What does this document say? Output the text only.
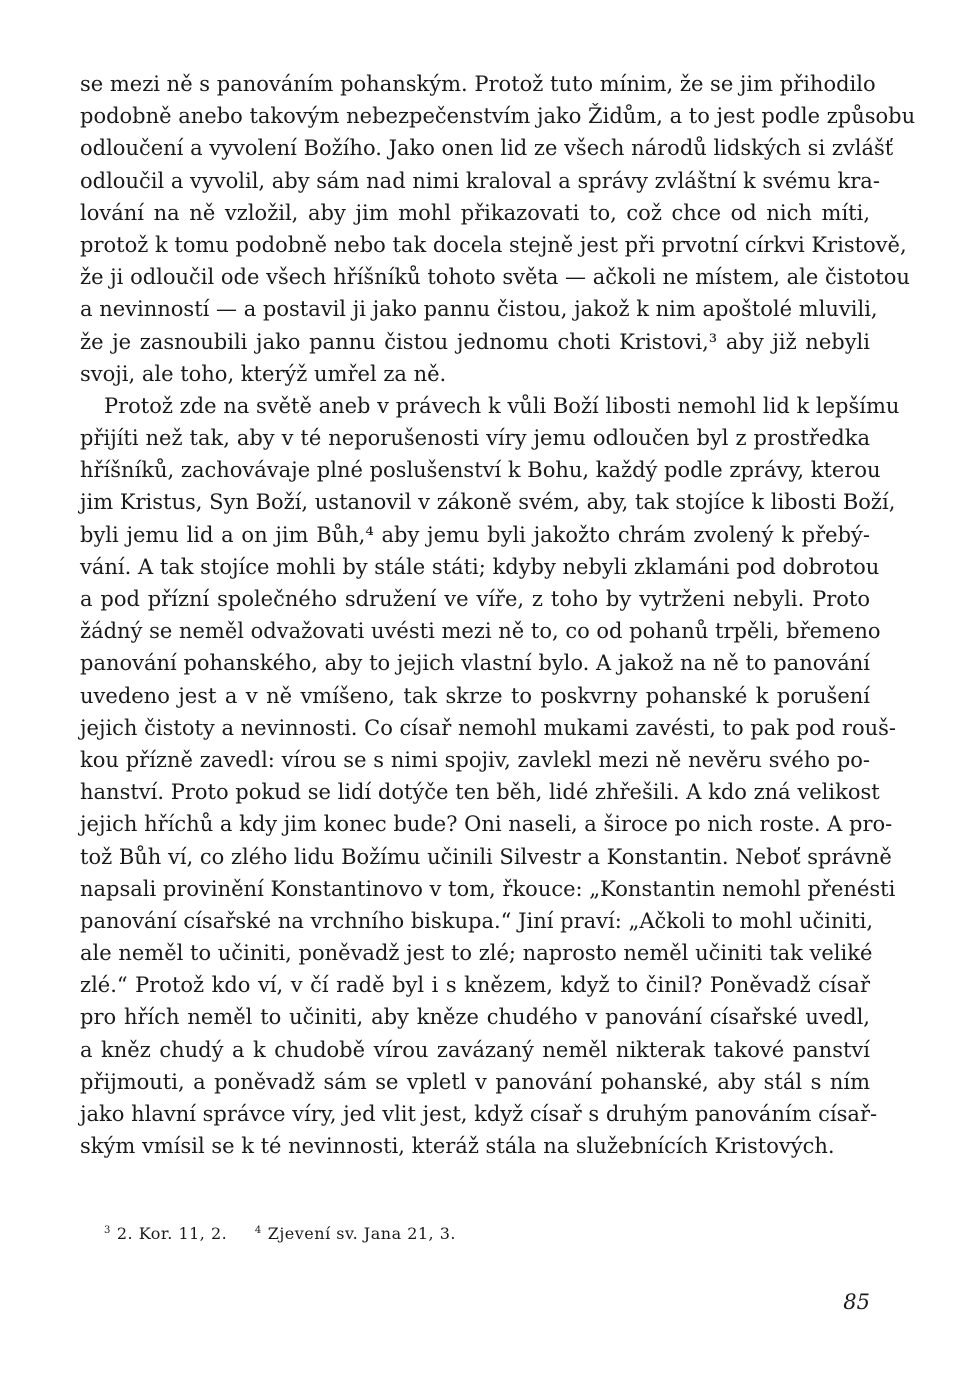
se mezi ně s panováním pohanským. Protož tuto mínim, že se jim přihodilo
podobně anebo takovým nebezpečenstvím jako Židům, a to jest podle způsobu
odloučení a vyvolení Božího. Jako onen lid ze všech národů lidských si zvlášť
odloučil a vyvolil, aby sám nad nimi kraloval a správy zvláštní k svému kra-
lování na ně vzložil, aby jim mohl přikazovati to, což chce od nich míti,
protož k tomu podobně nebo tak docela stejně jest při prvotní církvi Kristově,
že ji odloučil ode všech hříšníků tohoto světa — ačkoli ne místem, ale čistotou
a nevinností — a postavil ji jako pannu čistou, jakož k nim apoštolé mluvili,
že je zasnoubili jako pannu čistou jednomu choti Kristovi,³ aby již nebyli
svoji, ale toho, kterýž umřel za ně.
Protož zde na světě aneb v právech k vůli Boží libosti nemohl lid k lepšímu
přijíti než tak, aby v té neporušenosti víry jemu odloučen byl z prostředka
hříšníků, zachovávaje plné poslušenství k Bohu, každý podle zprávy, kterou
jim Kristus, Syn Boží, ustanovil v zákoně svém, aby, tak stojíce k libosti Boží,
byli jemu lid a on jim Bůh,⁴ aby jemu byli jakožto chrám zvolený k přebý-
vání. A tak stojíce mohli by stále státi; kdyby nebyli zklamáni pod dobrotou
a pod přízní společného sdružení ve víře, z toho by vytrženi nebyli. Proto
žádný se neměl odvažovati uvésti mezi ně to, co od pohanů trpěli, břemeno
panování pohanského, aby to jejich vlastní bylo. A jakož na ně to panování
uvedeno jest a v ně vmíšeno, tak skrze to poskvrny pohanské k porušení
jejich čistoty a nevinnosti. Co císař nemohl mukami zavésti, to pak pod rouš-
kou přízně zavedl: vírou se s nimi spojiv, zavlekl mezi ně nevěru svého po-
hanství. Proto pokud se lidí dotýče ten běh, lidé zhřešili. A kdo zná velikost
jejich hříchů a kdy jim konec bude? Oni naseli, a široce po nich roste. A pro-
tož Bůh ví, co zlého lidu Božímu učinili Silvestr a Konstantin. Neboť správně
napsali provinění Konstantinovo v tom, řkouce: „Konstantin nemohl přenésti
panování císařské na vrchního biskupa.“ Jiní praví: „Ačkoli to mohl učiniti,
ale neměl to učiniti, poněvadž jest to zlé; naprosto neměl učiniti tak veliké
zlé.“ Protož kdo ví, v čí radě byl i s knězem, když to činil? Poněvadž císař
pro hřích neměl to učiniti, aby kněze chudého v panování císařské uvedl,
a kněz chudý a k chudobě vírou zavázaný neměl nikterak takové panství
přijmouti, a poněvadž sám se vpletl v panování pohanské, aby stál s ním
jako hlavní správce víry, jed vlit jest, když císař s druhým panováním císař-
ským vmísil se k té nevinnosti, kteráž stála na služebnících Kristových.
$^3$ 2. Kor. 11, 2.	$^4$ Zjevení sv. Jana 21, 3.
85
